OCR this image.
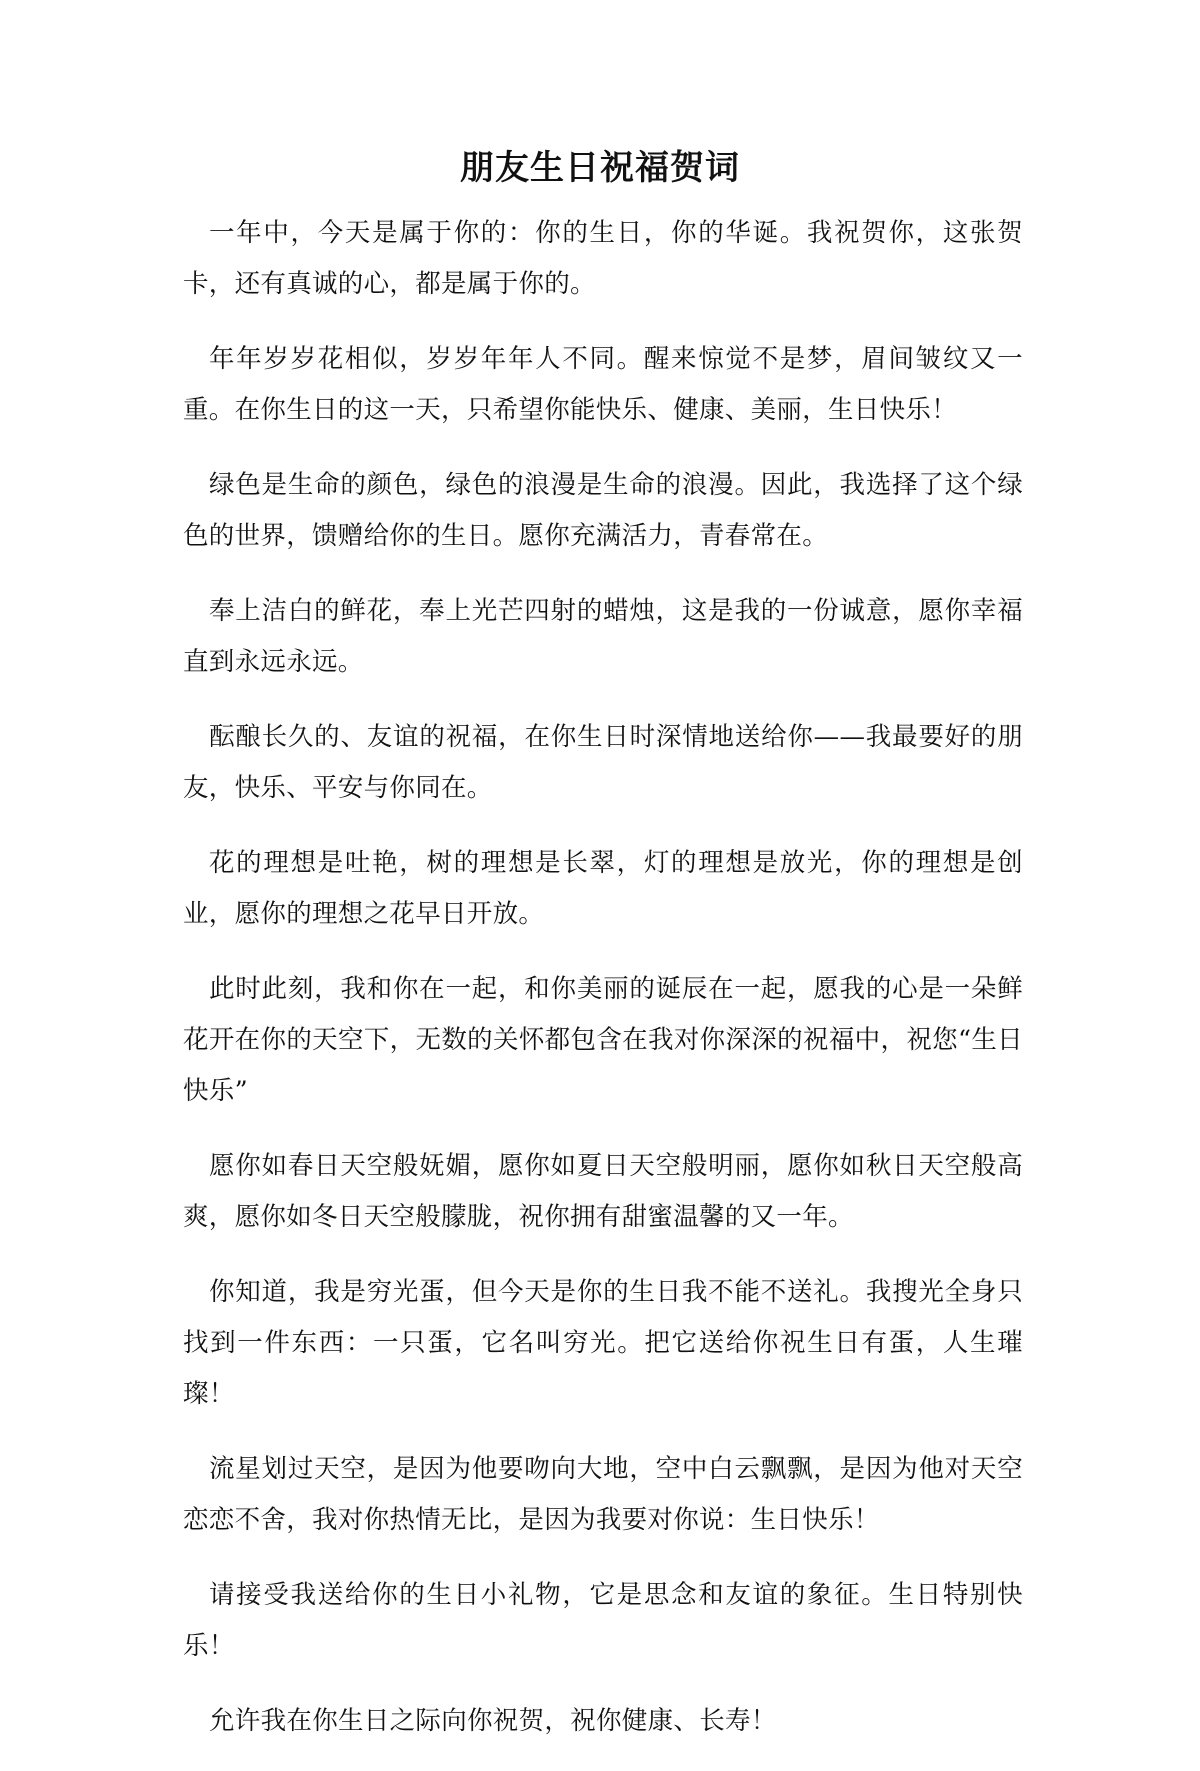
朋友生日祝福贺词

一年中，今天是属于你的：你的生日，你的华诞。我祝贺你，这张贺卡，还有真诚的心，都是属于你的。

年年岁岁花相似，岁岁年年人不同。醒来惊觉不是梦，眉间皱纹又一重。在你生日的这一天，只希望你能快乐、健康、美丽，生日快乐！

绿色是生命的颜色，绿色的浪漫是生命的浪漫。因此，我选择了这个绿色的世界，馈赠给你的生日。愿你充满活力，青春常在。

奉上洁白的鲜花，奉上光芒四射的蜡烛，这是我的一份诚意，愿你幸福直到永远永远。

酝酿长久的、友谊的祝福，在你生日时深情地送给你——我最要好的朋友，快乐、平安与你同在。

花的理想是吐艳，树的理想是长翠，灯的理想是放光，你的理想是创业，愿你的理想之花早日开放。

此时此刻，我和你在一起，和你美丽的诞辰在一起，愿我的心是一朵鲜花开在你的天空下，无数的关怀都包含在我对你深深的祝福中，祝您“生日快乐”

愿你如春日天空般妩媚，愿你如夏日天空般明丽，愿你如秋日天空般高爽，愿你如冬日天空般朦胧，祝你拥有甜蜜温馨的又一年。

你知道，我是穷光蛋，但今天是你的生日我不能不送礼。我搜光全身只找到一件东西：一只蛋，它名叫穷光。把它送给你祝生日有蛋，人生璀璨！

流星划过天空，是因为他要吻向大地，空中白云飘飘，是因为他对天空恋恋不舍，我对你热情无比，是因为我要对你说：生日快乐！

请接受我送给你的生日小礼物，它是思念和友谊的象征。生日特别快乐！

允许我在你生日之际向你祝贺，祝你健康、长寿！
